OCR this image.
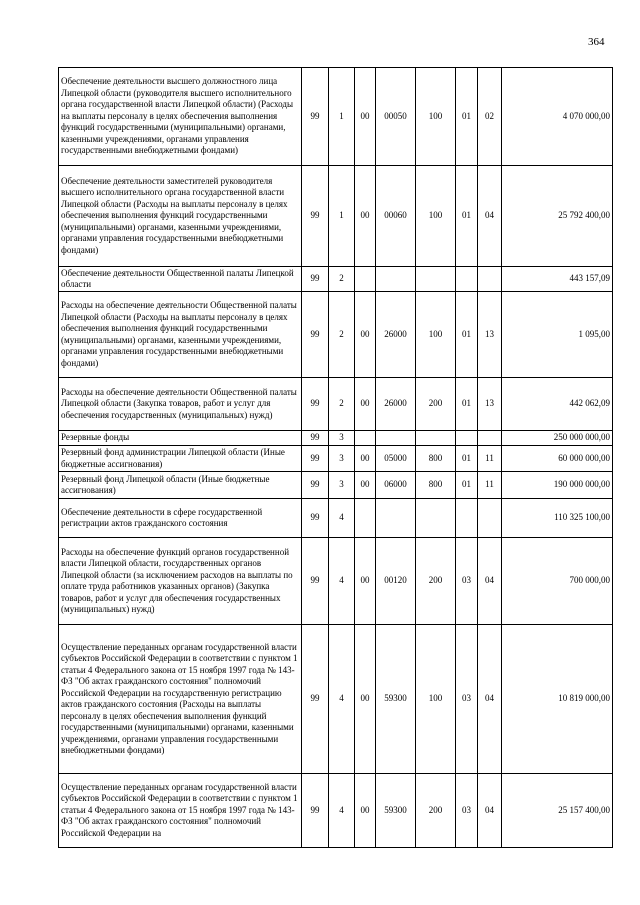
364
Обеспечение деятельности высшего должностного лица Липецкой области (руководителя высшего исполнительного органа государственной власти Липецкой области) (Расходы на выплаты персоналу в целях обеспечения выполнения функций государственными (муниципальными) органами, казенными учреждениями, органами управления государственными внебюджетными фондами)	99	1	00	00050	100	01	02	4 070 000,00
Обеспечение деятельности заместителей руководителя высшего исполнительного органа государственной власти Липецкой области (Расходы на выплаты персоналу в целях обеспечения выполнения функций государственными (муниципальными) органами, казенными учреждениями, органами управления государственными внебюджетными фондами)	99	1	00	00060	100	01	04	25 792 400,00
Обеспечение деятельности Общественной палаты Липецкой области	99	2						443 157,09
Расходы на обеспечение деятельности Общественной палаты Липецкой области (Расходы на выплаты персоналу в целях обеспечения выполнения функций государственными (муниципальными) органами, казенными учреждениями, органами управления государственными внебюджетными фондами)	99	2	00	26000	100	01	13	1 095,00
Расходы на обеспечение деятельности Общественной палаты Липецкой области (Закупка товаров, работ и услуг для обеспечения государственных (муниципальных) нужд)	99	2	00	26000	200	01	13	442 062,09
Резервные фонды	99	3						250 000 000,00
Резервный фонд администрации Липецкой области (Иные бюджетные ассигнования)	99	3	00	05000	800	01	11	60 000 000,00
Резервный фонд Липецкой области (Иные бюджетные ассигнования)	99	3	00	06000	800	01	11	190 000 000,00
Обеспечение деятельности в сфере государственной регистрации актов гражданского состояния	99	4						110 325 100,00
Расходы на обеспечение функций органов государственной власти Липецкой области, государственных органов Липецкой области (за исключением расходов на выплаты по оплате труда работников указанных органов) (Закупка товаров, работ и услуг для обеспечения государственных (муниципальных) нужд)	99	4	00	00120	200	03	04	700 000,00
Осуществление переданных органам государственной власти субъектов Российской Федерации в соответствии с пунктом 1 статьи 4 Федерального закона от 15 ноября 1997 года № 143-ФЗ "Об актах гражданского состояния" полномочий Российской Федерации на государственную регистрацию актов гражданского состояния (Расходы на выплаты персоналу в целях обеспечения выполнения функций государственными (муниципальными) органами, казенными учреждениями, органами управления государственными внебюджетными фондами)	99	4	00	59300	100	03	04	10 819 000,00
Осуществление переданных органам государственной власти субъектов Российской Федерации в соответствии с пунктом 1 статьи 4 Федерального закона от 15 ноября 1997 года № 143-ФЗ "Об актах гражданского состояния" полномочий Российской Федерации на	99	4	00	59300	200	03	04	25 157 400,00
